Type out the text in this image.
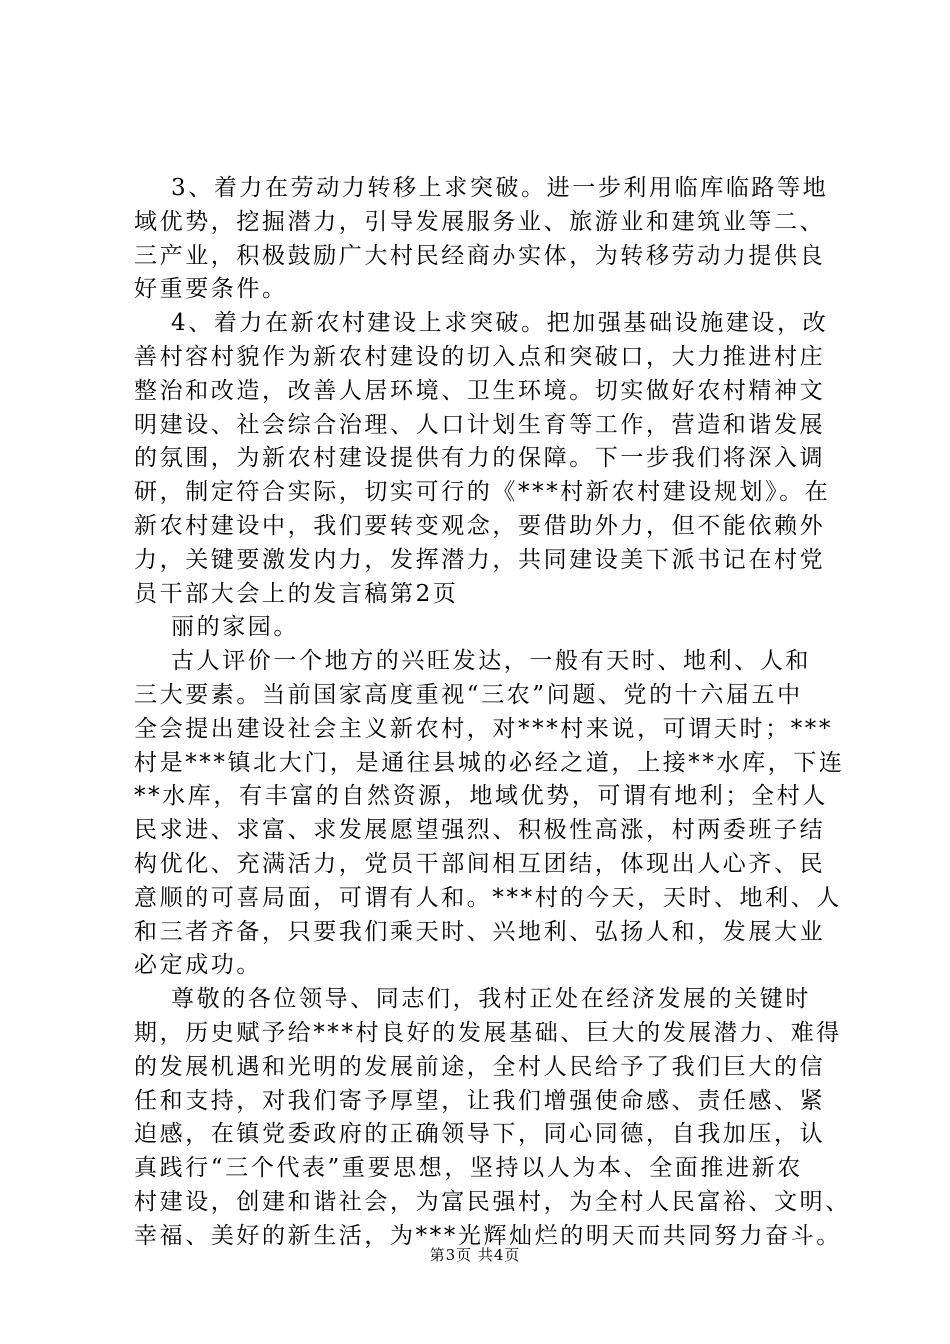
3、着力在劳动力转移上求突破。进一步利用临库临路等地

域优势，挖掘潜力，引导发展服务业、旅游业和建筑业等二、

三产业，积极鼓励广大村民经商办实体，为转移劳动力提供良

好重要条件。

4、着力在新农村建设上求突破。把加强基础设施建设，改

善村容村貌作为新农村建设的切入点和突破口，大力推进村庄

整治和改造，改善人居环境、卫生环境。切实做好农村精神文

明建设、社会综合治理、人口计划生育等工作，营造和谐发展

的氛围，为新农村建设提供有力的保障。下一步我们将深入调

研，制定符合实际，切实可行的《***村新农村建设规划》。在

新农村建设中，我们要转变观念，要借助外力，但不能依赖外

力，关键要激发内力，发挥潜力，共同建设美下派书记在村党

员干部大会上的发言稿第2页

丽的家园。

古人评价一个地方的兴旺发达，一般有天时、地利、人和

三大要素。当前国家高度重视“三农”问题、党的十六届五中

全会提出建设社会主义新农村，对***村来说，可谓天时；***

村是***镇北大门，是通往县城的必经之道，上接**水库，下连

**水库，有丰富的自然资源，地域优势，可谓有地利；全村人

民求进、求富、求发展愿望强烈、积极性高涨，村两委班子结

构优化、充满活力，党员干部间相互团结，体现出人心齐、民

意顺的可喜局面，可谓有人和。***村的今天，天时、地利、人

和三者齐备，只要我们乘天时、兴地利、弘扬人和，发展大业

必定成功。

尊敬的各位领导、同志们，我村正处在经济发展的关键时

期，历史赋予给***村良好的发展基础、巨大的发展潜力、难得

的发展机遇和光明的发展前途，全村人民给予了我们巨大的信

任和支持，对我们寄予厚望，让我们增强使命感、责任感、紧

迫感，在镇党委政府的正确领导下，同心同德，自我加压，认

真践行“三个代表”重要思想，坚持以人为本、全面推进新农

村建设，创建和谐社会，为富民强村，为全村人民富裕、文明、

幸福、美好的新生活，为***光辉灿烂的明天而共同努力奋斗。

第3页 共4页
